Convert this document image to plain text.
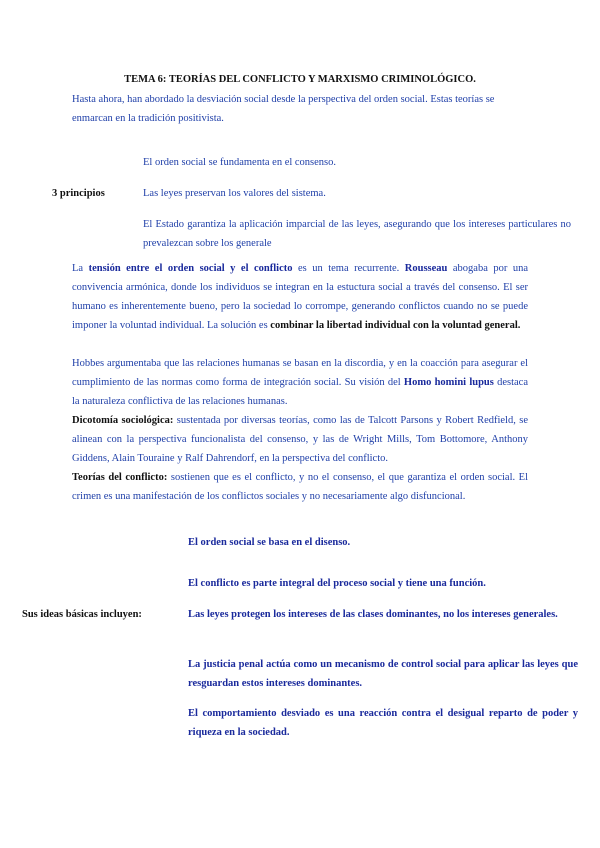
TEMA 6: TEORÍAS DEL CONFLICTO Y MARXISMO CRIMINOLÓGICO.
Hasta ahora, han abordado la desviación social desde la perspectiva del orden social. Estas teorías se enmarcan en la tradición positivista.
3 principios
El orden social se fundamenta en el consenso.
Las leyes preservan los valores del sistema.
El Estado garantiza la aplicación imparcial de las leyes, asegurando que los intereses particulares no prevalezcan sobre los generale
La tensión entre el orden social y el conflicto es un tema recurrente. Rousseau abogaba por una convivencia armónica, donde los individuos se integran en la estuctura social a través del consenso. El ser humano es inherentemente bueno, pero la sociedad lo corrompe, generando conflictos cuando no se puede imponer la voluntad individual. La solución es combinar la libertad individual con la voluntad general.
Hobbes argumentaba que las relaciones humanas se basan en la discordia, y en la coacción para asegurar el cumplimiento de las normas como forma de integración social. Su visión del Homo homini lupus destaca la naturaleza conflictiva de las relaciones humanas.
Dicotomía sociológica: sustentada por diversas teorías, como las de Talcott Parsons y Robert Redfield, se alinean con la perspectiva funcionalista del consenso, y las de Wright Mills, Tom Bottomore, Anthony Giddens, Alain Touraine y Ralf Dahrendorf, en la perspectiva del conflicto.
Teorías del conflicto: sostienen que es el conflicto, y no el consenso, el que garantiza el orden social. El crimen es una manifestación de los conflictos sociales y no necesariamente algo disfuncional.
Sus ideas básicas incluyen:
El orden social se basa en el disenso.
El conflicto es parte integral del proceso social y tiene una función.
Las leyes protegen los intereses de las clases dominantes, no los intereses generales.
La justicia penal actúa como un mecanismo de control social para aplicar las leyes que resguardan estos intereses dominantes.
El comportamiento desviado es una reacción contra el desigual reparto de poder y riqueza en la sociedad.
